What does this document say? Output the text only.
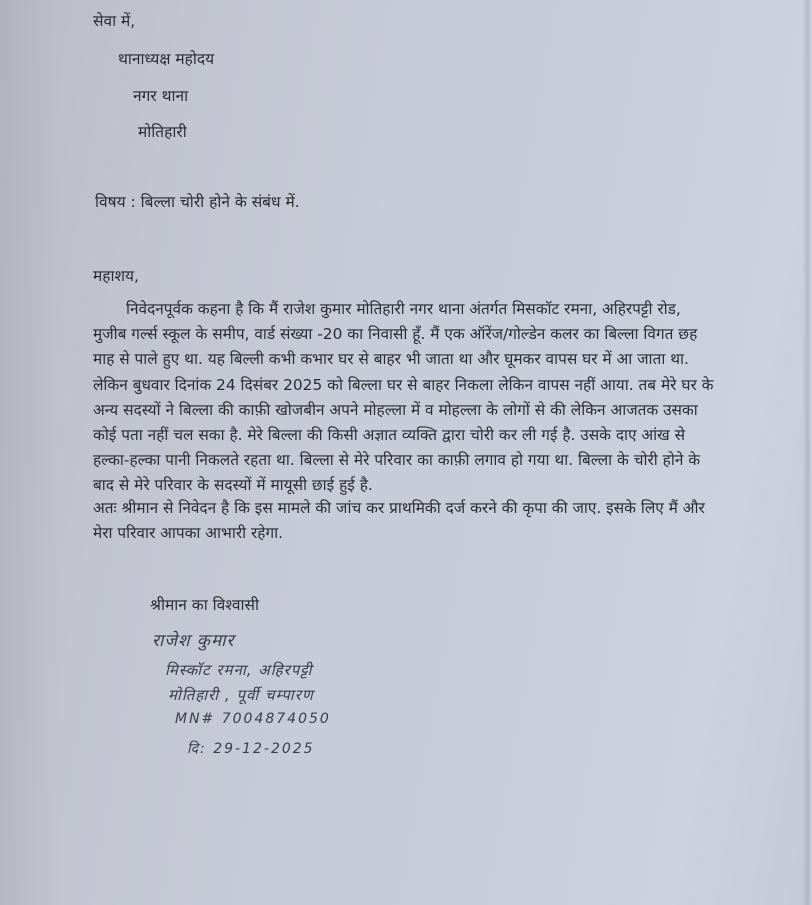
सेवा में,
थानाध्यक्ष महोदय
नगर थाना
मोतिहारी
विषय : बिल्ला चोरी होने के संबंध में.
महाशय,
निवेदनपूर्वक कहना है कि मैं राजेश कुमार मोतिहारी नगर थाना अंतर्गत मिसकॉट रमना, अहिरपट्टी रोड,
मुजीब गर्ल्स स्कूल के समीप, वार्ड संख्या -20 का निवासी हूँ. मैं एक ऑरेंज/गोल्डेन कलर का बिल्ला विगत छह
माह से पाले हुए था. यह बिल्ली कभी कभार घर से बाहर भी जाता था और घूमकर वापस घर में आ जाता था.
लेकिन बुधवार दिनांक 24 दिसंबर 2025 को बिल्ला घर से बाहर निकला लेकिन वापस नहीं आया. तब मेरे घर के
अन्य सदस्यों ने बिल्ला की काफ़ी खोजबीन अपने मोहल्ला में व मोहल्ला के लोगों से की लेकिन आजतक उसका
कोई पता नहीं चल सका है. मेरे बिल्ला की किसी अज्ञात व्यक्ति द्वारा चोरी कर ली गई है. उसके दाए आंख से
हल्का-हल्का पानी निकलते रहता था. बिल्ला से मेरे परिवार का काफ़ी लगाव हो गया था. बिल्ला के चोरी होने के
बाद से मेरे परिवार के सदस्यों में मायूसी छाई हुई है.
अतः श्रीमान से निवेदन है कि इस मामले की जांच कर प्राथमिकी दर्ज करने की कृपा की जाए. इसके लिए मैं और
मेरा परिवार आपका आभारी रहेगा.
श्रीमान का विश्वासी
राजेश कुमार
मिस्कॉट रमना, अहिरपट्टी
मोतिहारी , पूर्वी चम्पारण
MN# 7004874050
दि: 29-12-2025
